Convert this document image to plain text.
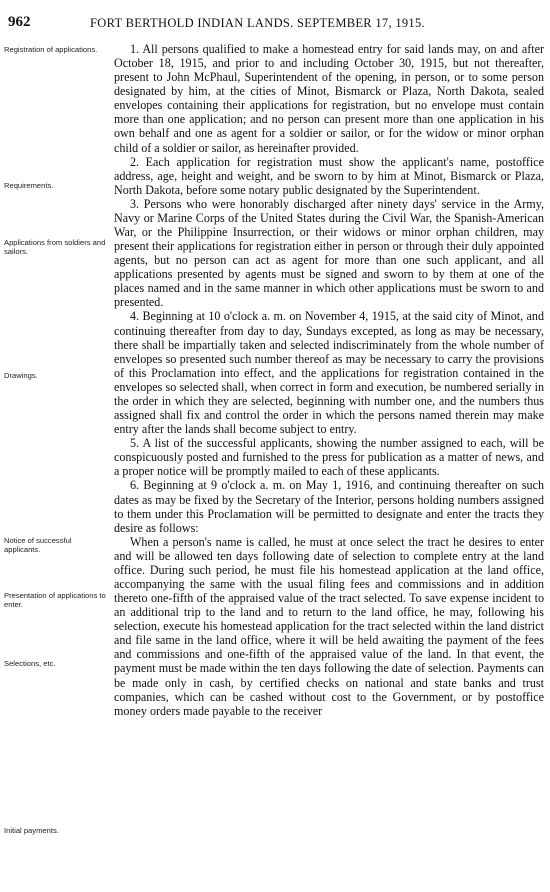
962	FORT BERTHOLD INDIAN LANDS. SEPTEMBER 17, 1915.
Registration of applications.
Requirements.
Applications from soldiers and sailors.
Drawings.
Notice of successful applicants.
Presentation of applications to enter.
Selections, etc.
Initial payments.

1. All persons qualified to make a homestead entry for said lands may, on and after October 18, 1915, and prior to and including October 30, 1915, but not thereafter, present to John McPhaul, Superintendent of the opening, in person, or to some person designated by him, at the cities of Minot, Bismarck or Plaza, North Dakota, sealed envelopes containing their applications for registration, but no envelope must contain more than one application; and no person can present more than one application in his own behalf and one as agent for a soldier or sailor, or for the widow or minor orphan child of a soldier or sailor, as hereinafter provided.

2. Each application for registration must show the applicant's name, postoffice address, age, height and weight, and be sworn to by him at Minot, Bismarck or Plaza, North Dakota, before some notary public designated by the Superintendent.

3. Persons who were honorably discharged after ninety days' service in the Army, Navy or Marine Corps of the United States during the Civil War, the Spanish-American War, or the Philippine Insurrection, or their widows or minor orphan children, may present their applications for registration either in person or through their duly appointed agents, but no person can act as agent for more than one such applicant, and all applications presented by agents must be signed and sworn to by them at one of the places named and in the same manner in which other applications must be sworn to and presented.

4. Beginning at 10 o'clock a. m. on November 4, 1915, at the said city of Minot, and continuing thereafter from day to day, Sundays excepted, as long as may be necessary, there shall be impartially taken and selected indiscriminately from the whole number of envelopes so presented such number thereof as may be necessary to carry the provisions of this Proclamation into effect, and the applications for registration contained in the envelopes so selected shall, when correct in form and execution, be numbered serially in the order in which they are selected, beginning with number one, and the numbers thus assigned shall fix and control the order in which the persons named therein may make entry after the lands shall become subject to entry.

5. A list of the successful applicants, showing the number assigned to each, will be conspicuously posted and furnished to the press for publication as a matter of news, and a proper notice will be promptly mailed to each of these applicants.

6. Beginning at 9 o'clock a. m. on May 1, 1916, and continuing thereafter on such dates as may be fixed by the Secretary of the Interior, persons holding numbers assigned to them under this Proclamation will be permitted to designate and enter the tracts they desire as follows:

When a person's name is called, he must at once select the tract he desires to enter and will be allowed ten days following date of selection to complete entry at the land office. During such period, he must file his homestead application at the land office, accompanying the same with the usual filing fees and commissions and in addition thereto one-fifth of the appraised value of the tract selected. To save expense incident to an additional trip to the land and to return to the land office, he may, following his selection, execute his homestead application for the tract selected within the land district and file same in the land office, where it will be held awaiting the payment of the fees and commissions and one-fifth of the appraised value of the land. In that event, the payment must be made within the ten days following the date of selection. Payments can be made only in cash, by certified checks on national and state banks and trust companies, which can be cashed without cost to the Government, or by postoffice money orders made payable to the receiver
